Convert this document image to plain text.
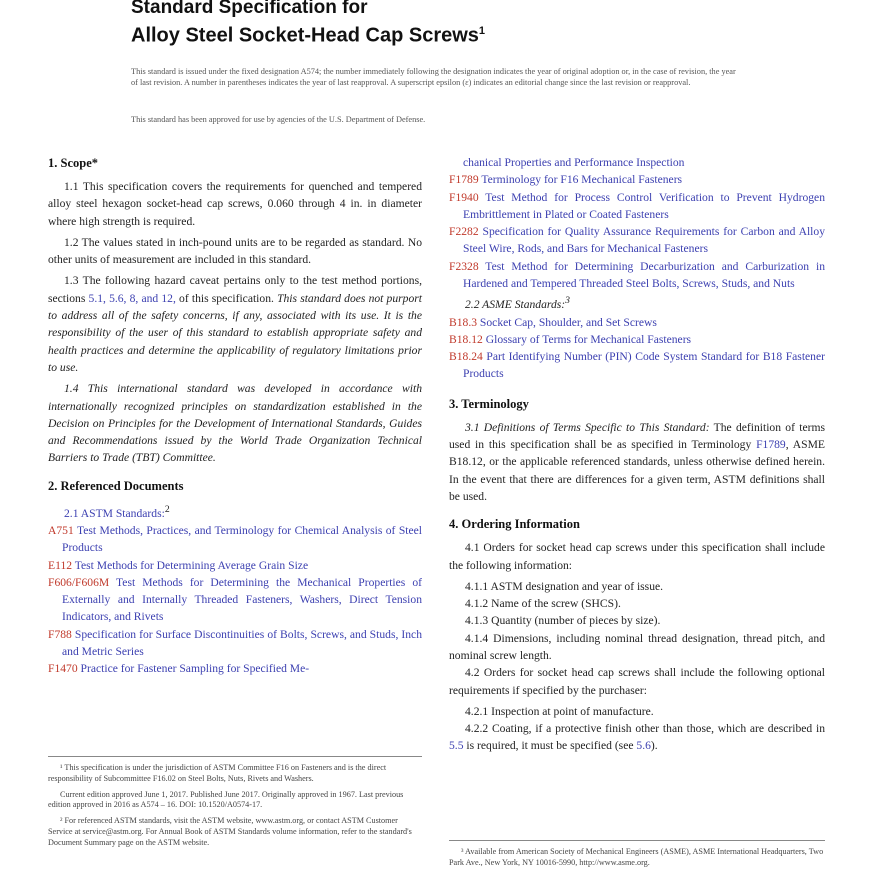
Standard Specification for
Alloy Steel Socket-Head Cap Screws$^1$
This standard is issued under the fixed designation A574; the number immediately following the designation indicates the year of original adoption or, in the case of revision, the year of last revision. A number in parentheses indicates the year of last reapproval. A superscript epsilon (ε) indicates an editorial change since the last revision or reapproval.
This standard has been approved for use by agencies of the U.S. Department of Defense.
1. Scope*

1.1 This specification covers the requirements for quenched and tempered alloy steel hexagon socket-head cap screws, 0.060 through 4 in. in diameter where high strength is required.

1.2 The values stated in inch-pound units are to be regarded as standard. No other units of measurement are included in this standard.

1.3 The following hazard caveat pertains only to the test method portions, sections 5.1, 5.6, 8, and 12, of this specification. This standard does not purport to address all of the safety concerns, if any, associated with its use. It is the responsibility of the user of this standard to establish appropriate safety and health practices and determine the applicability of regulatory limitations prior to use.

1.4 This international standard was developed in accordance with internationally recognized principles on standardization established in the Decision on Principles for the Development of International Standards, Guides and Recommendations issued by the World Trade Organization Technical Barriers to Trade (TBT) Committee.

2. Referenced Documents
2.1 ASTM Standards:$^2$
A751 Test Methods, Practices, and Terminology for Chemical Analysis of Steel Products
E112 Test Methods for Determining Average Grain Size
F606/F606M Test Methods for Determining the Mechanical Properties of Externally and Internally Threaded Fasteners, Washers, Direct Tension Indicators, and Rivets
F788 Specification for Surface Discontinuities of Bolts, Screws, and Studs, Inch and Metric Series
F1470 Practice for Fastener Sampling for Specified Me-

¹ This specification is under the jurisdiction of ASTM Committee F16 on Fasteners and is the direct responsibility of Subcommittee F16.02 on Steel Bolts, Nuts, Rivets and Washers.

Current edition approved June 1, 2017. Published June 2017. Originally approved in 1967. Last previous edition approved in 2016 as A574 – 16. DOI: 10.1520/A0574-17.

² For referenced ASTM standards, visit the ASTM website, www.astm.org, or contact ASTM Customer Service at service@astm.org. For Annual Book of ASTM Standards volume information, refer to the standard's Document Summary page on the ASTM website.

chanical Properties and Performance Inspection
F1789 Terminology for F16 Mechanical Fasteners
F1940 Test Method for Process Control Verification to Prevent Hydrogen Embrittlement in Plated or Coated Fasteners
F2282 Specification for Quality Assurance Requirements for Carbon and Alloy Steel Wire, Rods, and Bars for Mechanical Fasteners
F2328 Test Method for Determining Decarburization and Carburization in Hardened and Tempered Threaded Steel Bolts, Screws, Studs, and Nuts
2.2 ASME Standards:$^3$
B18.3 Socket Cap, Shoulder, and Set Screws
B18.12 Glossary of Terms for Mechanical Fasteners
B18.24 Part Identifying Number (PIN) Code System Standard for B18 Fastener Products
3. Terminology

3.1 Definitions of Terms Specific to This Standard: The definition of terms used in this specification shall be as specified in Terminology F1789, ASME B18.12, or the applicable referenced standards, unless otherwise defined herein. In the event that there are differences for a given term, ASTM definitions shall be used.

4. Ordering Information

4.1 Orders for socket head cap screws under this specification shall include the following information:

4.1.1 ASTM designation and year of issue.

4.1.2 Name of the screw (SHCS).

4.1.3 Quantity (number of pieces by size).

4.1.4 Dimensions, including nominal thread designation, thread pitch, and nominal screw length.

4.2 Orders for socket head cap screws shall include the following optional requirements if specified by the purchaser:

4.2.1 Inspection at point of manufacture.

4.2.2 Coating, if a protective finish other than those, which are described in 5.5 is required, it must be specified (see 5.6).

³ Available from American Society of Mechanical Engineers (ASME), ASME International Headquarters, Two Park Ave., New York, NY 10016-5990, http://www.asme.org.
